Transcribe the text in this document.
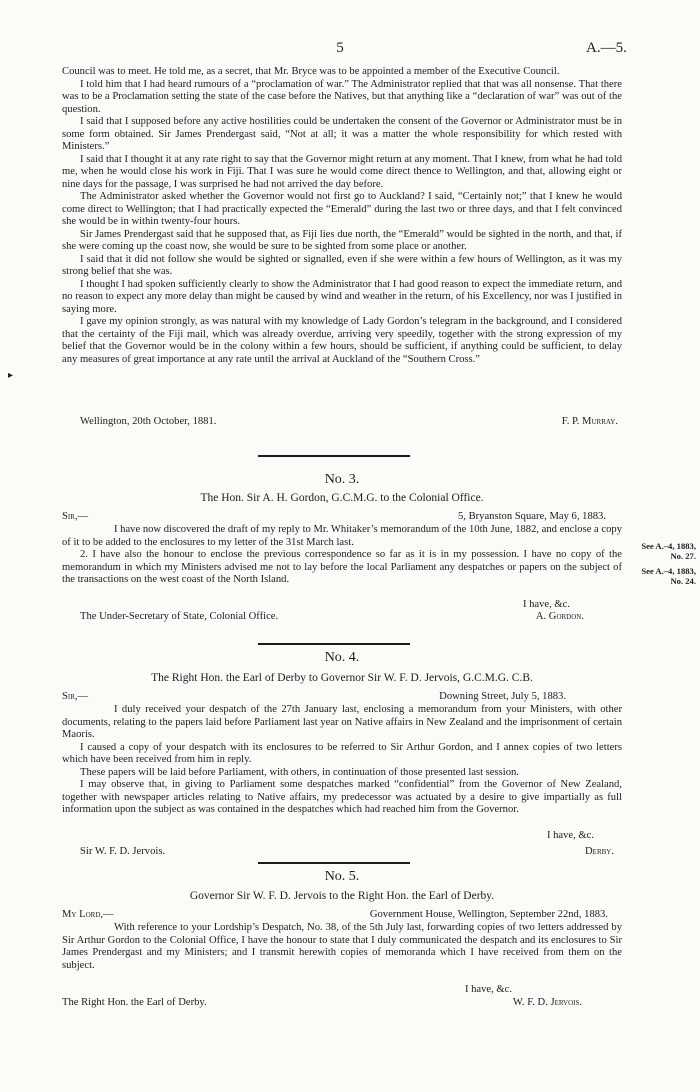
5	A.—5.
▸

Council was to meet. He told me, as a secret, that Mr. Bryce was to be appointed a member of the Executive Council.

I told him that I had heard rumours of a “proclamation of war.” The Administrator replied that that was all nonsense. That there was to be a Proclamation setting the state of the case before the Natives, but that anything like a “declaration of war” was out of the question.

I said that I supposed before any active hostilities could be undertaken the consent of the Governor or Administrator must be in some form obtained. Sir James Prendergast said, “Not at all; it was a matter the whole responsibility for which rested with Ministers.”

I said that I thought it at any rate right to say that the Governor might return at any moment. That I knew, from what he had told me, when he would close his work in Fiji. That I was sure he would come direct thence to Wellington, and that, allowing eight or nine days for the passage, I was surprised he had not arrived the day before.

The Administrator asked whether the Governor would not first go to Auckland? I said, “Certainly not;” that I knew he would come direct to Wellington; that I had practically expected the “Emerald” during the last two or three days, and that I felt convinced she would be in within twenty-four hours.

Sir James Prendergast said that he supposed that, as Fiji lies due north, the “Emerald” would be sighted in the north, and that, if she were coming up the coast now, she would be sure to be sighted from some place or another.

I said that it did not follow she would be sighted or signalled, even if she were within a few hours of Wellington, as it was my strong belief that she was.

I thought I had spoken sufficiently clearly to show the Administrator that I had good reason to expect the immediate return, and no reason to expect any more delay than might be caused by wind and weather in the return, of his Excellency, nor was I justified in saying more.

I gave my opinion strongly, as was natural with my knowledge of Lady Gordon’s telegram in the background, and I considered that the certainty of the Fiji mail, which was already overdue, arriving very speedily, together with the strong expression of my belief that the Governor would be in the colony within a few hours, should be sufficient, if anything could be sufficient, to delay any measures of great importance at any rate until the arrival at Auckland of the “Southern Cross.”

Wellington, 20th October, 1881.	F. P. Murray.
No. 3.
The Hon. Sir A. H. Gordon, G.C.M.G. to the Colonial Office.
Sir,—	5, Bryanston Square, May 6, 1883.

I have now discovered the draft of my reply to Mr. Whitaker’s memorandum of the 10th June, 1882, and enclose a copy of it to be added to the enclosures to my letter of the 31st March last.

2. I have also the honour to enclose the previous correspondence so far as it is in my possession. I have no copy of the memorandum in which my Ministers advised me not to lay before the local Parliament any despatches or papers on the subject of the transactions on the west coast of the North Island.

I have, &c.
The Under-Secretary of State, Colonial Office.	A. Gordon.
See A.–4, 1883, No. 27.
See A.–4, 1883, No. 24.
No. 4.
The Right Hon. the Earl of Derby to Governor Sir W. F. D. Jervois, G.C.M.G. C.B.
Sir,—	Downing Street, July 5, 1883.

I duly received your despatch of the 27th January last, enclosing a memorandum from your Ministers, with other documents, relating to the papers laid before Parliament last year on Native affairs in New Zealand and the imprisonment of certain Maoris.

I caused a copy of your despatch with its enclosures to be referred to Sir Arthur Gordon, and I annex copies of two letters which have been received from him in reply.

These papers will be laid before Parliament, with others, in continuation of those presented last session.

I may observe that, in giving to Parliament some despatches marked “confidential” from the Governor of New Zealand, together with newspaper articles relating to Native affairs, my predecessor was actuated by a desire to give impartially as full information upon the subject as was contained in the despatches which had reached him from the Governor.

I have, &c.
Sir W. F. D. Jervois.	Derby.
No. 5.
Governor Sir W. F. D. Jervois to the Right Hon. the Earl of Derby.
My Lord,—	Government House, Wellington, September 22nd, 1883.

With reference to your Lordship’s Despatch, No. 38, of the 5th July last, forwarding copies of two letters addressed by Sir Arthur Gordon to the Colonial Office, I have the honour to state that I duly communicated the despatch and its enclosures to Sir James Prendergast and my Ministers; and I transmit herewith copies of memoranda which I have received from them on the subject.

I have, &c.
The Right Hon. the Earl of Derby.	W. F. D. Jervois.
